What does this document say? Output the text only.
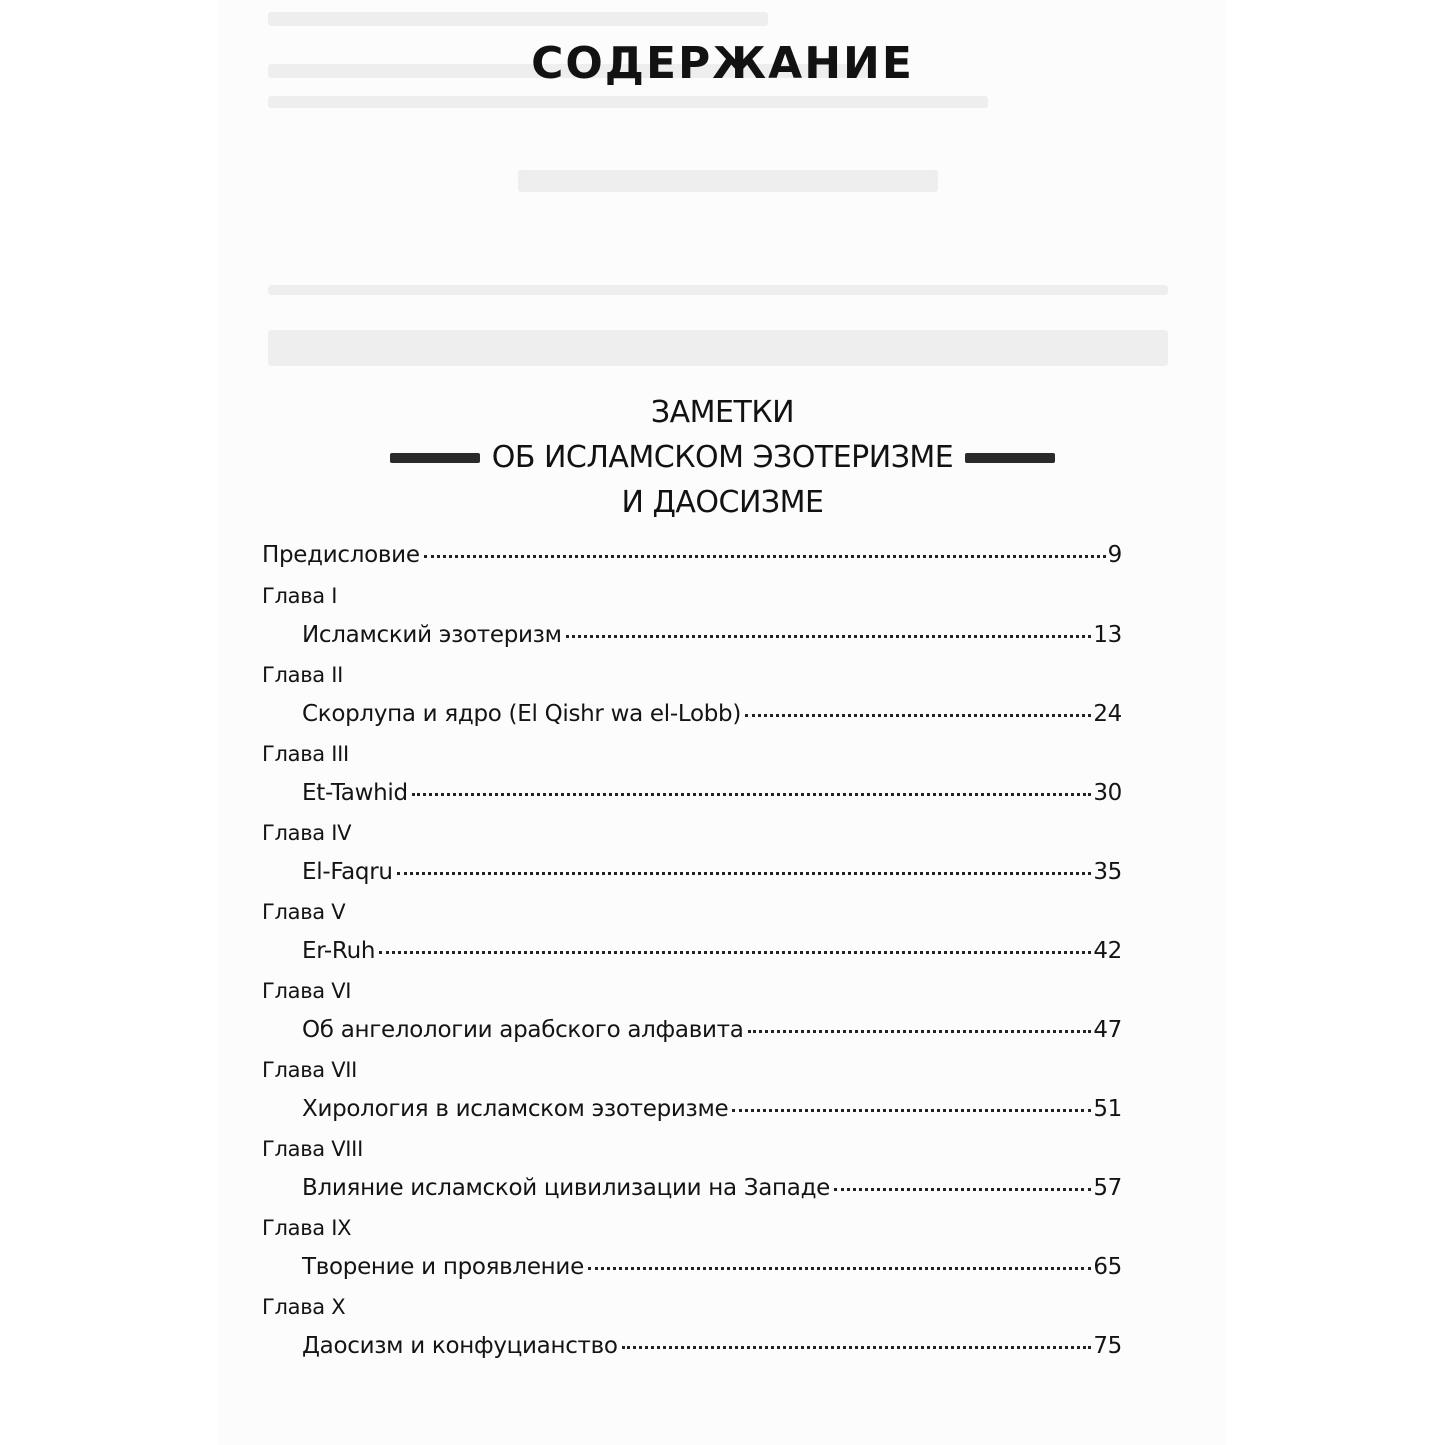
СОДЕРЖАНИЕ
ЗАМЕТКИ
ОБ ИСЛАМСКОМ ЭЗОТЕРИЗМЕ
И ДАОСИЗМЕ
Предисловие	9
Глава I
Исламский эзотеризм	13
Глава II
Скорлупа и ядро (El Qishr wa el-Lobb)	24
Глава III
Et-Tawhid	30
Глава IV
El-Faqru	35
Глава V
Er-Ruh	42
Глава VI
Об ангелологии арабского алфавита	47
Глава VII
Хирология в исламском эзотеризме	51
Глава VIII
Влияние исламской цивилизации на Западе	57
Глава IX
Творение и проявление	65
Глава X
Даосизм и конфуцианство	75
